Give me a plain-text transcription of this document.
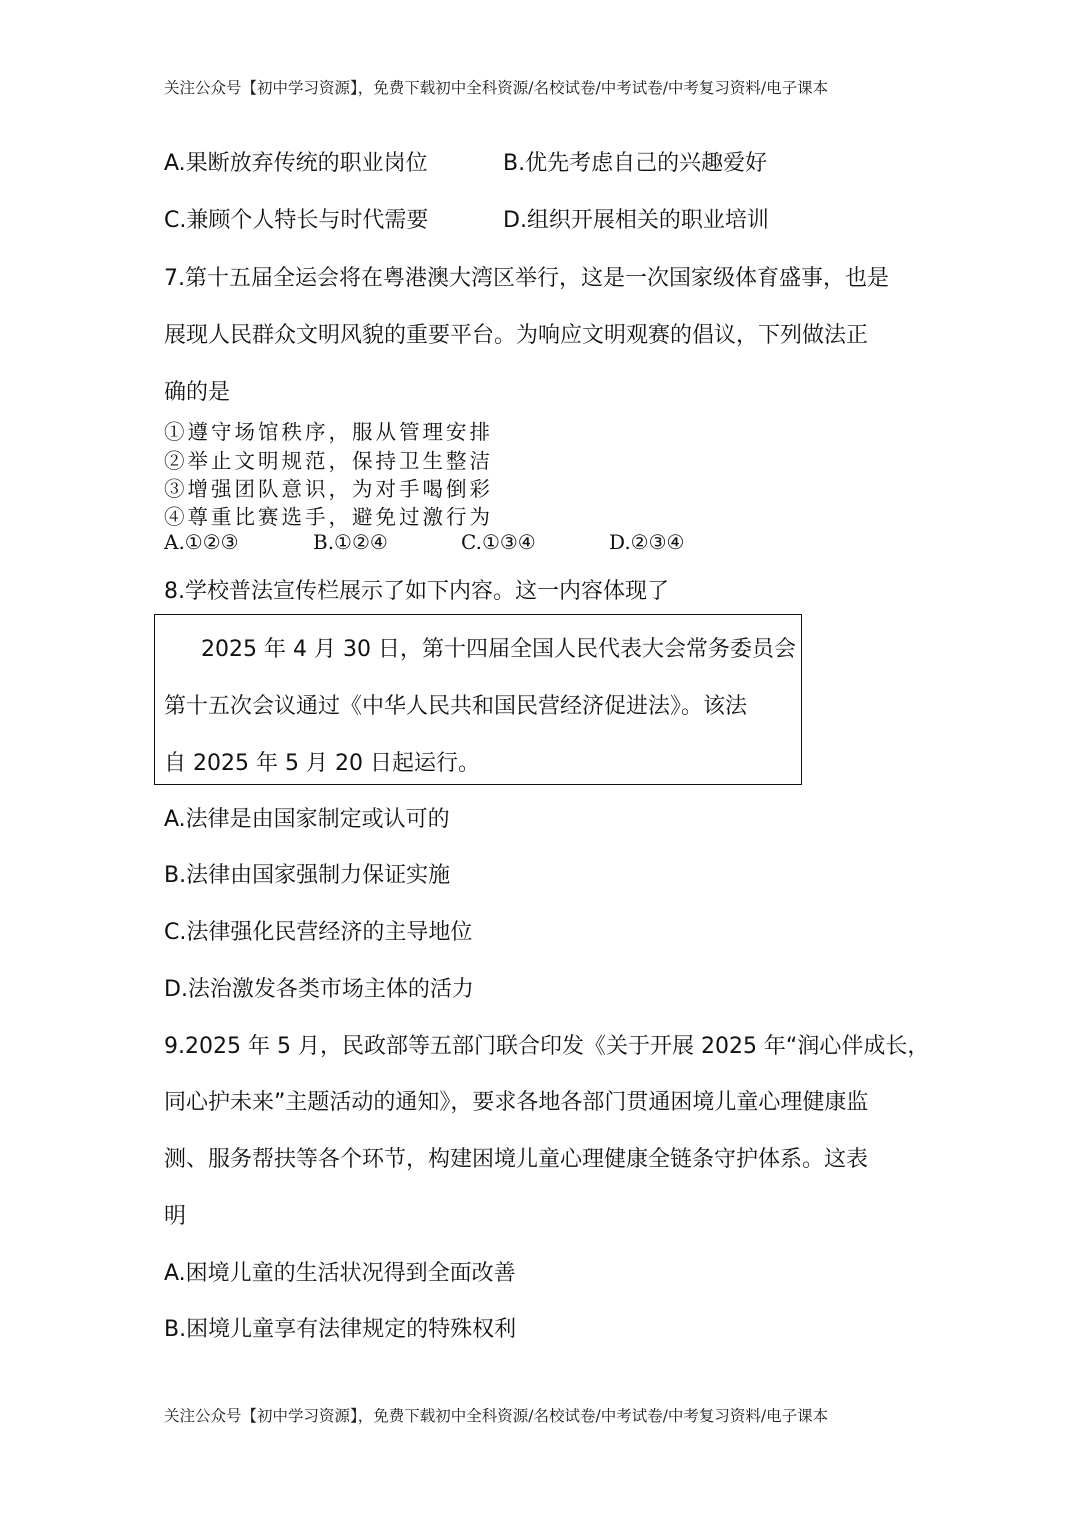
关注公众号【初中学习资源】，免费下载初中全科资源/名校试卷/中考试卷/中考复习资料/电子课本
A.果断放弃传统的职业岗位	B.优先考虑自己的兴趣爱好
C.兼顾个人特长与时代需要	D.组织开展相关的职业培训
7.第十五届全运会将在粤港澳大湾区举行，这是一次国家级体育盛事，也是
展现人民群众文明风貌的重要平台。为响应文明观赛的倡议，下列做法正
确的是
①遵守场馆秩序，服从管理安排
②举止文明规范，保持卫生整洁
③增强团队意识，为对手喝倒彩
④尊重比赛选手，避免过激行为
A.①②③	B.①②④	C.①③④	D.②③④
8.学校普法宣传栏展示了如下内容。这一内容体现了
2025 年 4 月 30 日，第十四届全国人民代表大会常务委员会
第十五次会议通过《中华人民共和国民营经济促进法》。该法
自 2025 年 5 月 20 日起运行。
A.法律是由国家制定或认可的
B.法律由国家强制力保证实施
C.法律强化民营经济的主导地位
D.法治激发各类市场主体的活力
9.2025 年 5 月，民政部等五部门联合印发《关于开展 2025 年“润心伴成长，
同心护未来”主题活动的通知》，要求各地各部门贯通困境儿童心理健康监
测、服务帮扶等各个环节，构建困境儿童心理健康全链条守护体系。这表
明
A.困境儿童的生活状况得到全面改善
B.困境儿童享有法律规定的特殊权利
关注公众号【初中学习资源】，免费下载初中全科资源/名校试卷/中考试卷/中考复习资料/电子课本
